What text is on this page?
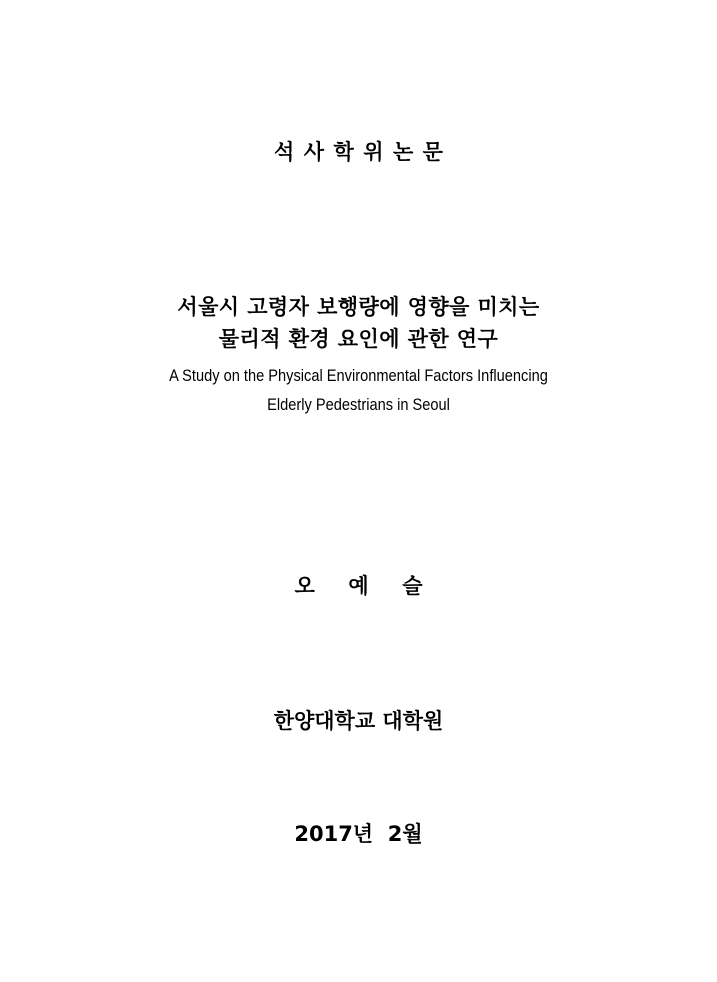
석사학위논문
서울시 고령자 보행량에 영향을 미치는
물리적 환경 요인에 관한 연구
A Study on the Physical Environmental Factors Influencing
Elderly Pedestrians in Seoul
오예슬
한양대학교 대학원
2017년  2월
